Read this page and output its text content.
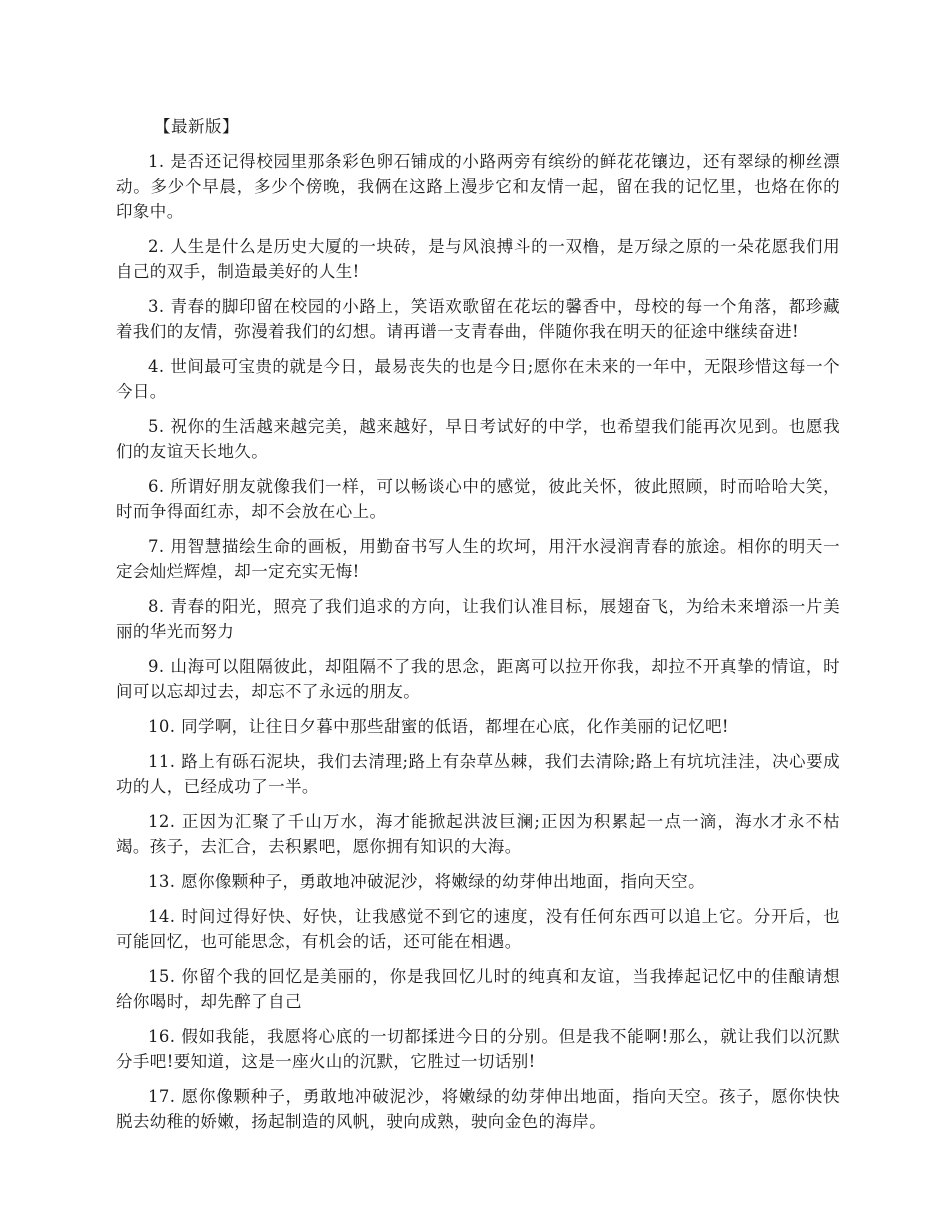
【最新版】

1. 是否还记得校园里那条彩色卵石铺成的小路两旁有缤纷的鲜花花镶边，还有翠绿的柳丝漂动。多少个早晨，多少个傍晚，我俩在这路上漫步它和友情一起，留在我的记忆里，也烙在你的印象中。

2. 人生是什么是历史大厦的一块砖，是与风浪搏斗的一双橹，是万绿之原的一朵花愿我们用自己的双手，制造最美好的人生!

3. 青春的脚印留在校园的小路上，笑语欢歌留在花坛的馨香中，母校的每一个角落，都珍藏着我们的友情，弥漫着我们的幻想。请再谱一支青春曲，伴随你我在明天的征途中继续奋进!

4. 世间最可宝贵的就是今日，最易丧失的也是今日;愿你在未来的一年中，无限珍惜这每一个今日。

5. 祝你的生活越来越完美，越来越好，早日考试好的中学，也希望我们能再次见到。也愿我们的友谊天长地久。

6. 所谓好朋友就像我们一样，可以畅谈心中的感觉，彼此关怀，彼此照顾，时而哈哈大笑，时而争得面红赤，却不会放在心上。

7. 用智慧描绘生命的画板，用勤奋书写人生的坎坷，用汗水浸润青春的旅途。相你的明天一定会灿烂辉煌，却一定充实无悔!

8. 青春的阳光，照亮了我们追求的方向，让我们认准目标，展翅奋飞，为给未来增添一片美丽的华光而努力

9. 山海可以阻隔彼此，却阻隔不了我的思念，距离可以拉开你我，却拉不开真挚的情谊，时间可以忘却过去，却忘不了永远的朋友。

10. 同学啊，让往日夕暮中那些甜蜜的低语，都埋在心底，化作美丽的记忆吧!

11. 路上有砾石泥块，我们去清理;路上有杂草丛棘，我们去清除;路上有坑坑洼洼，决心要成功的人，已经成功了一半。

12. 正因为汇聚了千山万水，海才能掀起洪波巨澜;正因为积累起一点一滴，海水才永不枯竭。孩子，去汇合，去积累吧，愿你拥有知识的大海。

13. 愿你像颗种子，勇敢地冲破泥沙，将嫩绿的幼芽伸出地面，指向天空。

14. 时间过得好快、好快，让我感觉不到它的速度，没有任何东西可以追上它。分开后，也可能回忆，也可能思念，有机会的话，还可能在相遇。

15. 你留个我的回忆是美丽的，你是我回忆儿时的纯真和友谊，当我捧起记忆中的佳酿请想给你喝时，却先醉了自己

16. 假如我能，我愿将心底的一切都揉进今日的分别。但是我不能啊!那么，就让我们以沉默分手吧!要知道，这是一座火山的沉默，它胜过一切话别!

17. 愿你像颗种子，勇敢地冲破泥沙，将嫩绿的幼芽伸出地面，指向天空。孩子，愿你快快脱去幼稚的娇嫩，扬起制造的风帆，驶向成熟，驶向金色的海岸。
